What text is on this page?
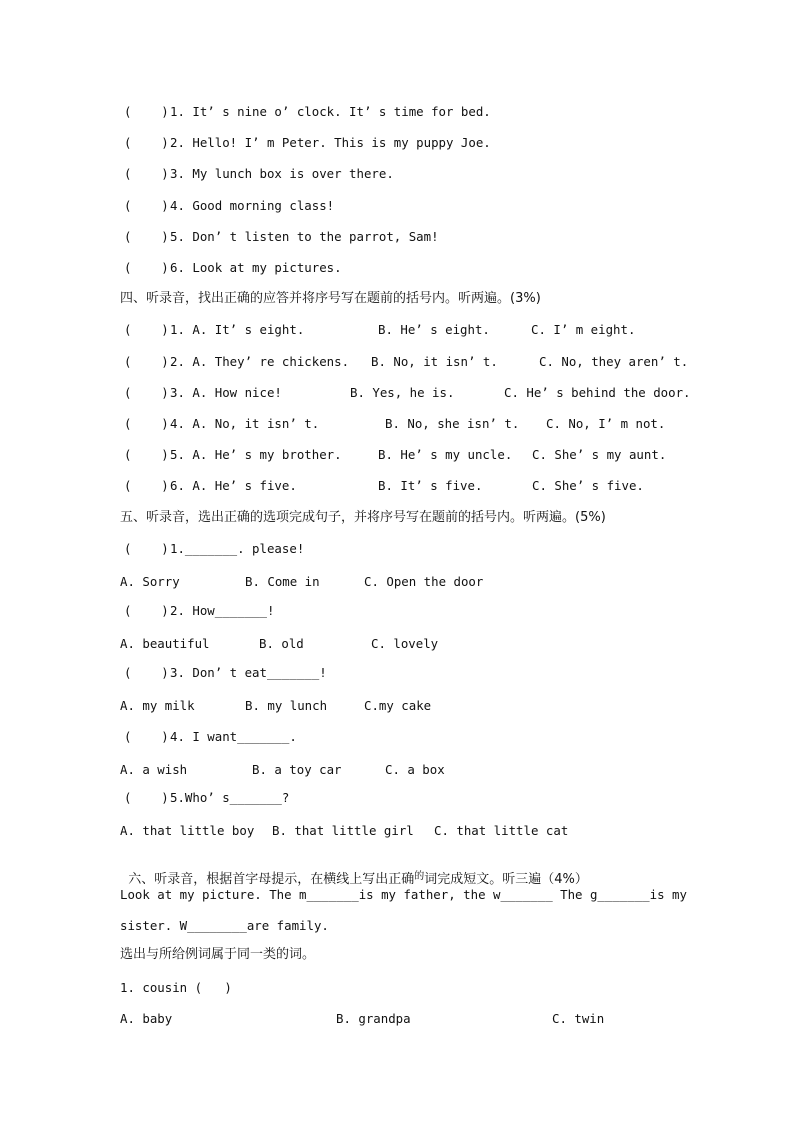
(    )

1. It’ s nine o’ clock. It’ s time for bed.

(    )

2. Hello! I’ m Peter. This is my puppy Joe.

(    )

3. My lunch box is over there.

(    )

4. Good morning class!

(    )

5. Don’ t listen to the parrot, Sam!

(    )

6. Look at my pictures.

四、听录音，找出正确的应答并将序号写在题前的括号内。听两遍。(3%)

(    )

1. A. It’ s eight.

	B. He’ s eight.

	C. I’ m eight.

(    )

2. A. They’ re chickens.

B. No, it isn’ t.

	C. No, they aren’ t.

(    )

3. A. How nice!

	B. Yes, he is.

	C. He’ s behind the door.

(    )

4. A. No, it isn’ t.

	B. No, she isn’ t.

C. No, I’ m not.

(    )

5. A. He’ s my brother.

	B. He’ s my uncle.

C. She’ s my aunt.

(    )

6. A. He’ s five.

	B. It’ s five.

	C. She’ s five.

五、听录音，选出正确的选项完成句子，并将序号写在题前的括号内。听两遍。(5%)

(    )

1._______. please!

A. Sorry

	B. Come in

	C. Open the door

(    )

2. How_______!

A. beautiful

	B. old

	C. lovely

(    )

3. Don’ t eat_______!

A. my milk

	B. my lunch

	C.my cake

(    )

4. I want_______.

A. a wish

	B. a toy car

	C. a box

(    )

5.Who’ s_______?

A. that little boy

B. that little girl

C. that little cat

六、听录音，根据首字母提示，在横线上写出正确$^的$词完成短文。听三遍（4%）

Look at my picture. The m_______is my father, the w_______ The g_______is my
sister. W________are family.
选出与所给例词属于同一类的词。
1. cousin (   )

A. baby

	B. grandpa

	C. twin
